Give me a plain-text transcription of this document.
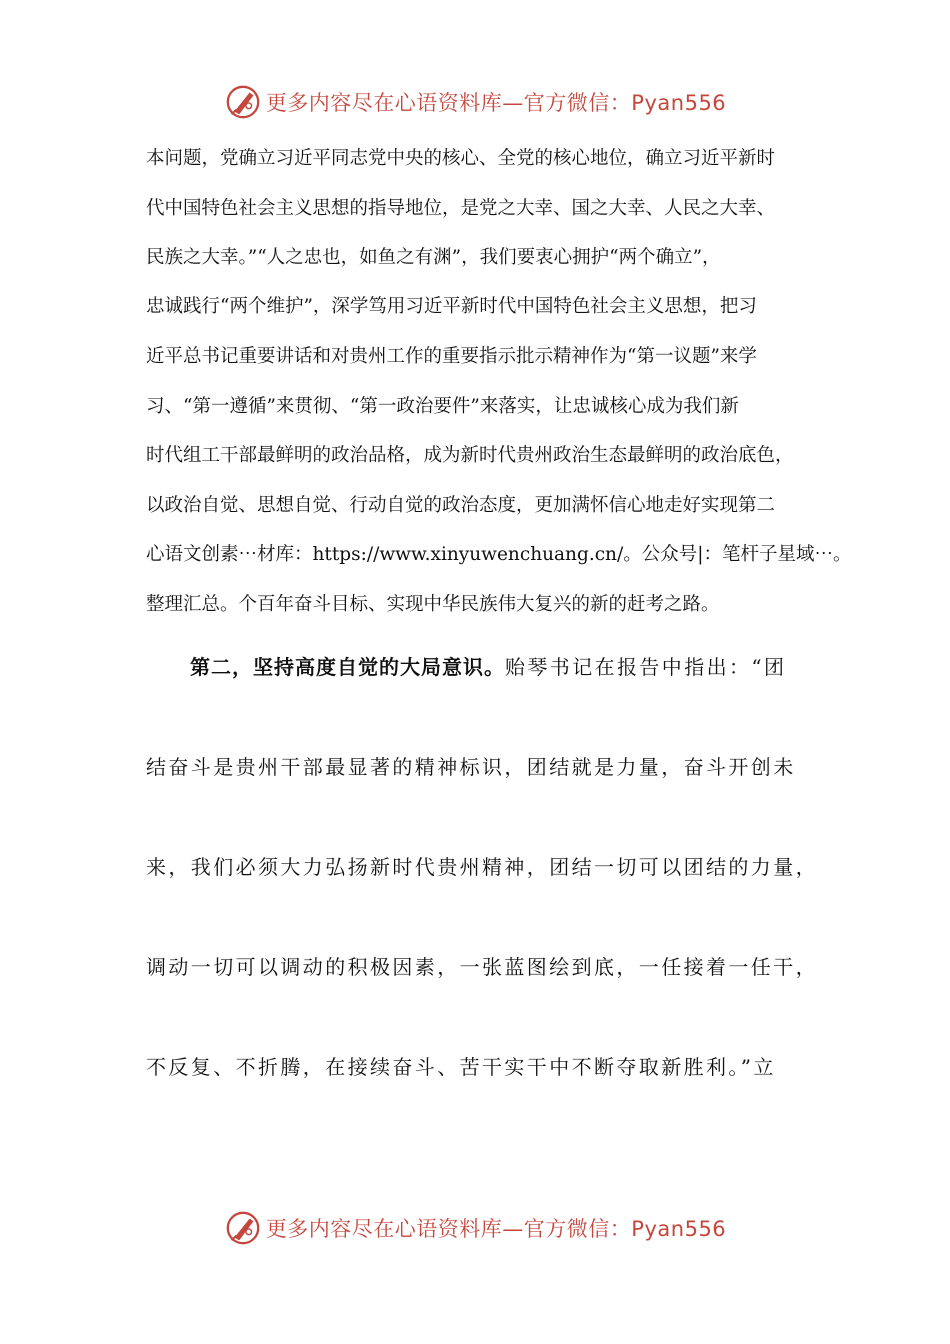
更多内容尽在心语资料库—官方微信：Pyan556
本问题，党确立习近平同志党中央的核心、全党的核心地位，确立习近平新时
代中国特色社会主义思想的指导地位，是党之大幸、国之大幸、人民之大幸、
民族之大幸。”“人之忠也，如鱼之有渊”，我们要衷心拥护“两个确立”，
忠诚践行“两个维护”，深学笃用习近平新时代中国特色社会主义思想，把习
近平总书记重要讲话和对贵州工作的重要指示批示精神作为“第一议题”来学
习、“第一遵循”来贯彻、“第一政治要件”来落实，让忠诚核心成为我们新
时代组工干部最鲜明的政治品格，成为新时代贵州政治生态最鲜明的政治底色，
以政治自觉、思想自觉、行动自觉的政治态度，更加满怀信心地走好实现第二
心语文创素⋯材库：https://www.xinyuwenchuang.cn/。公众号|：笔杆子星域⋯。
整理汇总。个百年奋斗目标、实现中华民族伟大复兴的新的赶考之路。
第二，坚持高度自觉的大局意识。贻琴书记在报告中指出：“团
结奋斗是贵州干部最显著的精神标识，团结就是力量，奋斗开创未
来，我们必须大力弘扬新时代贵州精神，团结一切可以团结的力量，
调动一切可以调动的积极因素，一张蓝图绘到底，一任接着一任干，
不反复、不折腾，在接续奋斗、苦干实干中不断夺取新胜利。”立
更多内容尽在心语资料库—官方微信：Pyan556
